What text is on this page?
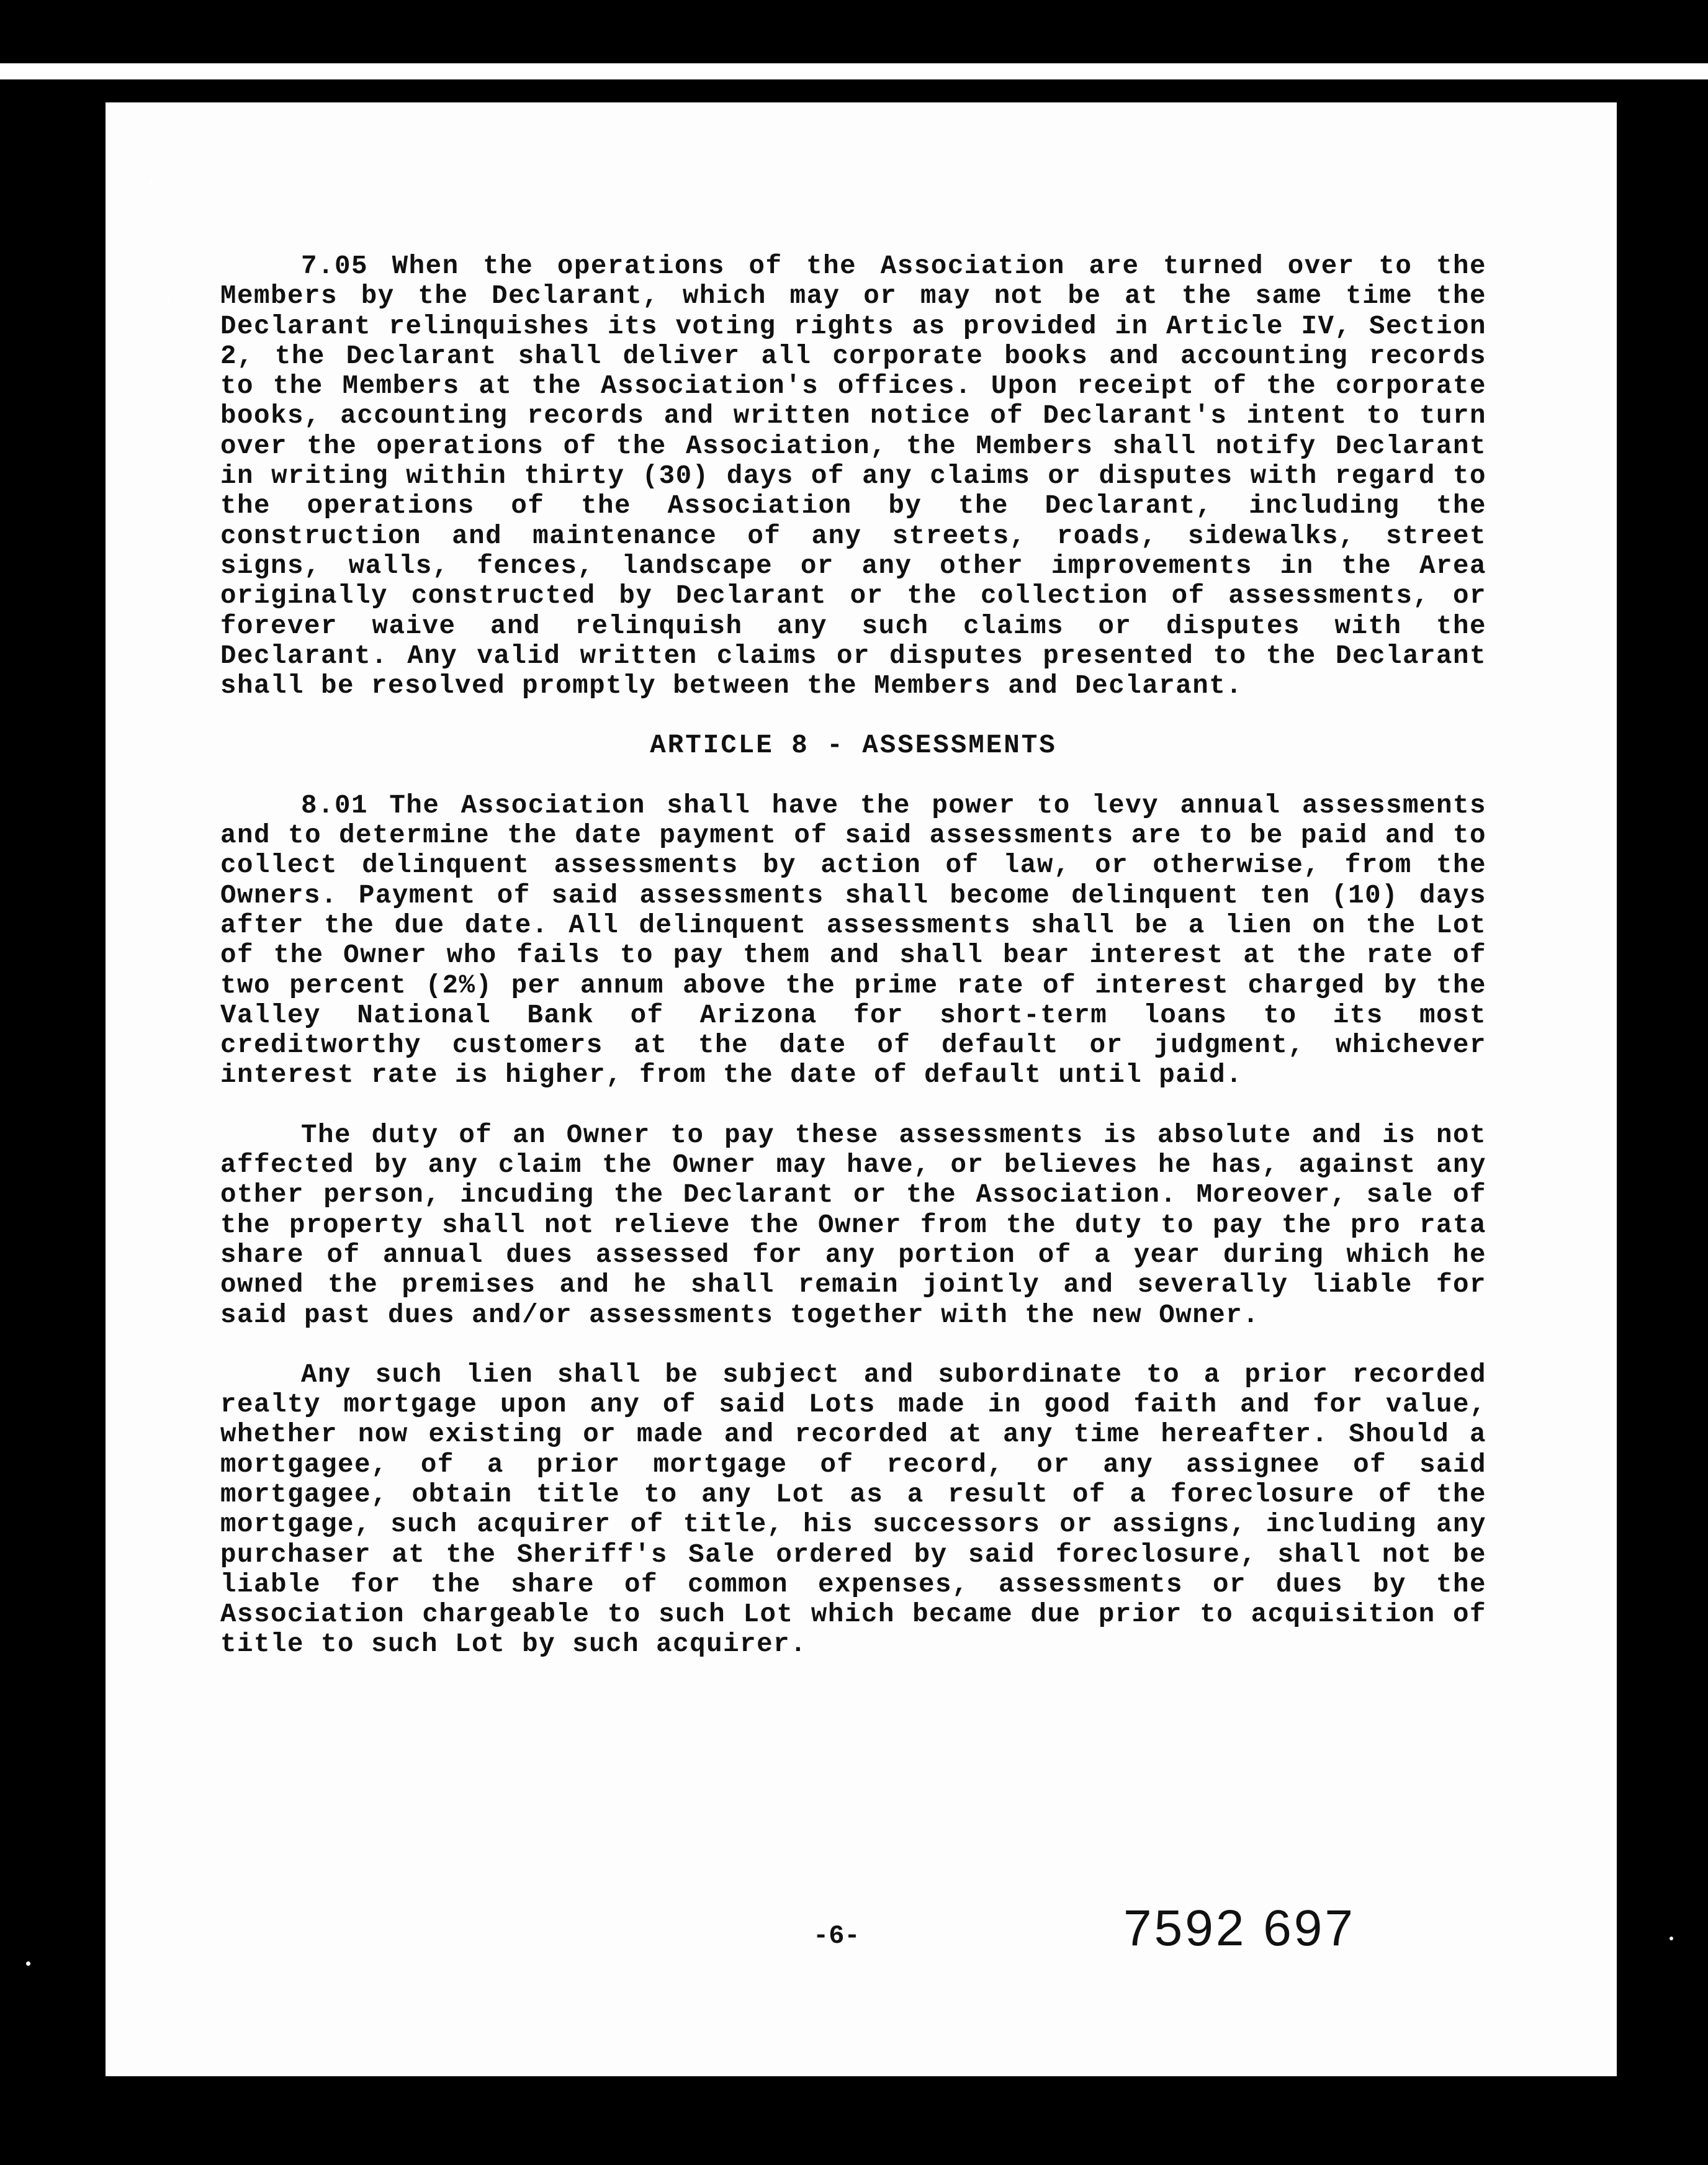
7.05 When the operations of the Association are turned over to the Members by the Declarant, which may or may not be at the same time the Declarant relinquishes its voting rights as provided in Article IV, Section 2, the Declarant shall deliver all corporate books and accounting records to the Members at the Association's offices. Upon receipt of the corporate books, accounting records and written notice of Declarant's intent to turn over the operations of the Association, the Members shall notify Declarant in writing within thirty (30) days of any claims or disputes with regard to the operations of the Association by the Declarant, including the construction and maintenance of any streets, roads, sidewalks, street signs, walls, fences, landscape or any other improvements in the Area originally constructed by Declarant or the collection of assessments, or forever waive and relinquish any such claims or disputes with the Declarant. Any valid written claims or disputes presented to the Declarant shall be resolved promptly between the Members and Declarant.

ARTICLE 8 - ASSESSMENTS

8.01 The Association shall have the power to levy annual assessments and to determine the date payment of said assessments are to be paid and to collect delinquent assessments by action of law, or otherwise, from the Owners. Payment of said assessments shall become delinquent ten (10) days after the due date. All delinquent assessments shall be a lien on the Lot of the Owner who fails to pay them and shall bear interest at the rate of two percent (2%) per annum above the prime rate of interest charged by the Valley National Bank of Arizona for short-term loans to its most creditworthy customers at the date of default or judgment, whichever interest rate is higher, from the date of default until paid.

The duty of an Owner to pay these assessments is absolute and is not affected by any claim the Owner may have, or believes he has, against any other person, incuding the Declarant or the Association. Moreover, sale of the property shall not relieve the Owner from the duty to pay the pro rata share of annual dues assessed for any portion of a year during which he owned the premises and he shall remain jointly and severally liable for said past dues and/or assessments together with the new Owner.

Any such lien shall be subject and subordinate to a prior recorded realty mortgage upon any of said Lots made in good faith and for value, whether now existing or made and recorded at any time hereafter. Should a mortgagee, of a prior mortgage of record, or any assignee of said mortgagee, obtain title to any Lot as a result of a foreclosure of the mortgage, such acquirer of title, his successors or assigns, including any purchaser at the Sheriff's Sale ordered by said foreclosure, shall not be liable for the share of common expenses, assessments or dues by the Association chargeable to such Lot which became due prior to acquisition of title to such Lot by such acquirer.

-6-	7592 697
